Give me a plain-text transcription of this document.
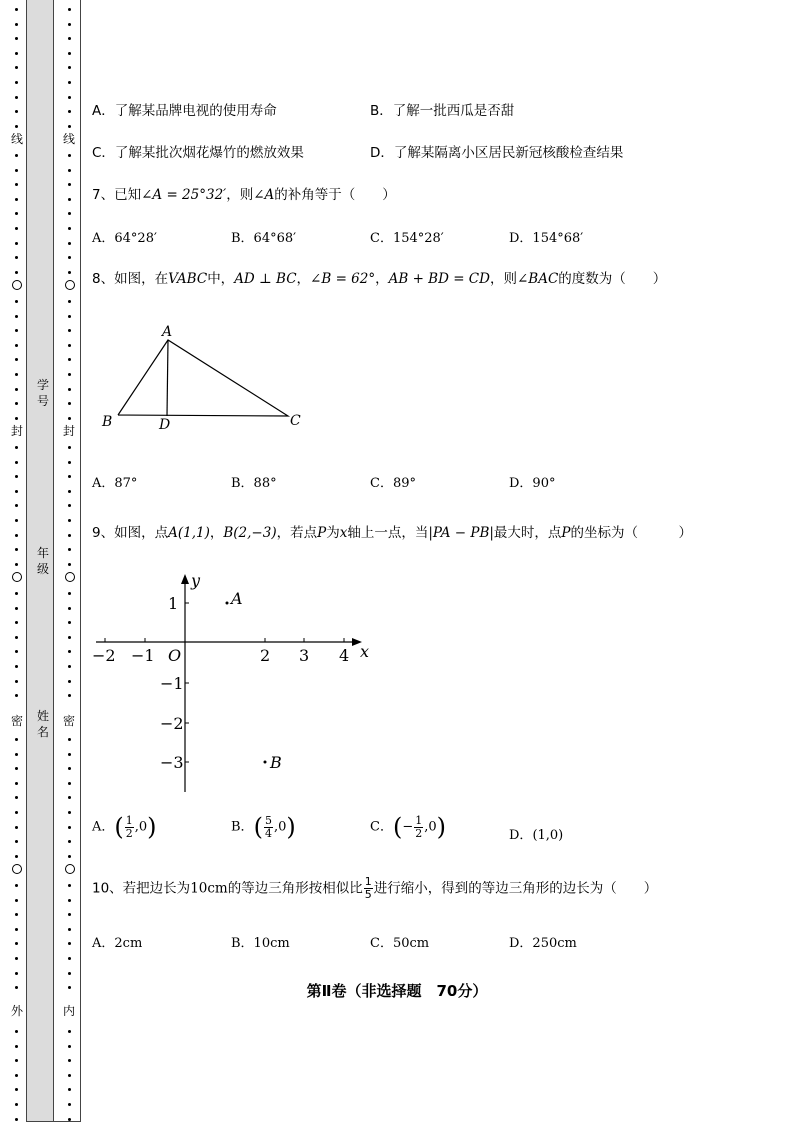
线
封
密
外
线
封
密
内
学号
年级
姓名
A．了解某品牌电视的使用寿命	B．了解一批西瓜是否甜
C．了解某批次烟花爆竹的燃放效果	D．了解某隔离小区居民新冠核酸检查结果
7、已知∠A = 25°32′，则∠A的补角等于（　　）
A．64°28′	B．64°68′	C．154°28′	D．154°68′
8、如图，在VABC中，AD ⊥ BC，∠B = 62°，AB + BD = CD，则∠BAC的度数为（　　）
A
B	D	C
A．87°	B．88°	C．89°	D．90°
9、如图，点A(1,1)，B(2,−3)，若点P为x轴上一点，当|PA − PB|最大时，点P的坐标为（　　　）
−2 −1 O	2 3 4 x
y
1
−1
−2
−3
A
B
A．( $\frac{1}{2} ,0$)	B．( $\frac{5}{4} ,0$)	C．(− $\frac{1}{2} ,0$)	D．(1,0)
10、若把边长为10cm的等边三角形按相似比 $\frac{1}{5}$ 进行缩小，得到的等边三角形的边长为（　　）
A．2cm	B．10cm	C．50cm	D．250cm
第Ⅱ卷（非选择题　70分）
